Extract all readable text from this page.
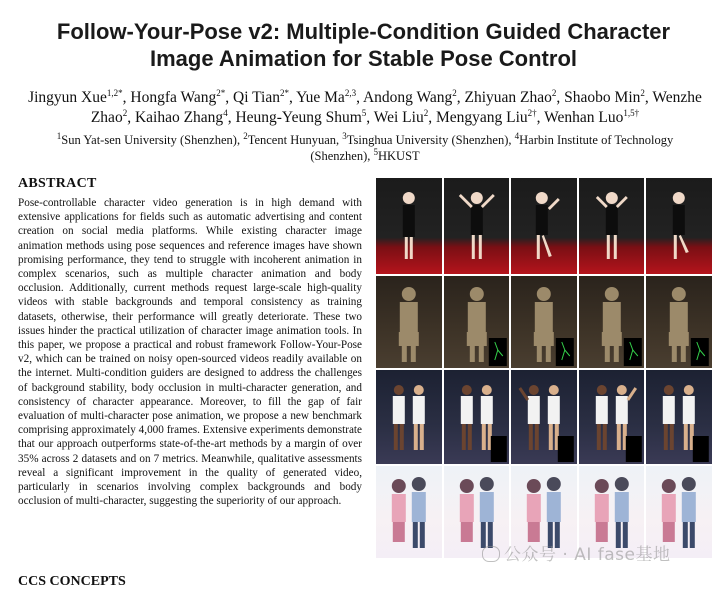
Follow-Your-Pose v2: Multiple-Condition Guided Character
Image Animation for Stable Pose Control
Jingyun Xue$^{1,2*}$, Hongfa Wang$^{2*}$, Qi Tian$^{2*}$, Yue Ma$^{2,3}$, Andong Wang$^2$, Zhiyuan Zhao$^2$, Shaobo Min$^2$, Wenzhe Zhao$^2$, Kaihao Zhang$^4$, Heung-Yeung Shum$^5$, Wei Liu$^2$, Mengyang Liu$^{2\dagger}$, Wenhan Luo$^{1,5\dagger}$
$^1$Sun Yat-sen University (Shenzhen), $^2$Tencent Hunyuan, $^3$Tsinghua University (Shenzhen), $^4$Harbin Institute of Technology (Shenzhen), $^5$HKUST
ABSTRACT

Pose-controllable character video generation is in high demand with extensive applications for fields such as automatic advertising and content creation on social media platforms. While existing character image animation methods using pose sequences and reference images have shown promising performance, they tend to struggle with incoherent animation in complex scenarios, such as multiple character animation and body occlusion. Additionally, current methods request large-scale high-quality videos with stable backgrounds and temporal consistency as training datasets, otherwise, their performance will greatly deteriorate. These two issues hinder the practical utilization of character image animation tools. In this paper, we propose a practical and robust framework Follow-Your-Pose v2, which can be trained on noisy open-sourced videos readily available on the internet. Multi-condition guiders are designed to address the challenges of background stability, body occlusion in multi-character generation, and consistency of character appearance. Moreover, to fill the gap of fair evaluation of multi-character pose animation, we propose a new benchmark comprising approximately 4,000 frames. Extensive experiments demonstrate that our approach outperforms state-of-the-art methods by a margin of over 35% across 2 datasets and on 7 metrics. Meanwhile, qualitative assessments reveal a significant improvement in the quality of generated video, particularly in scenarios involving complex backgrounds and body occlusion of multi-character, suggesting the superiority of our approach.

CCS CONCEPTS
公众号 · AI fase基地
